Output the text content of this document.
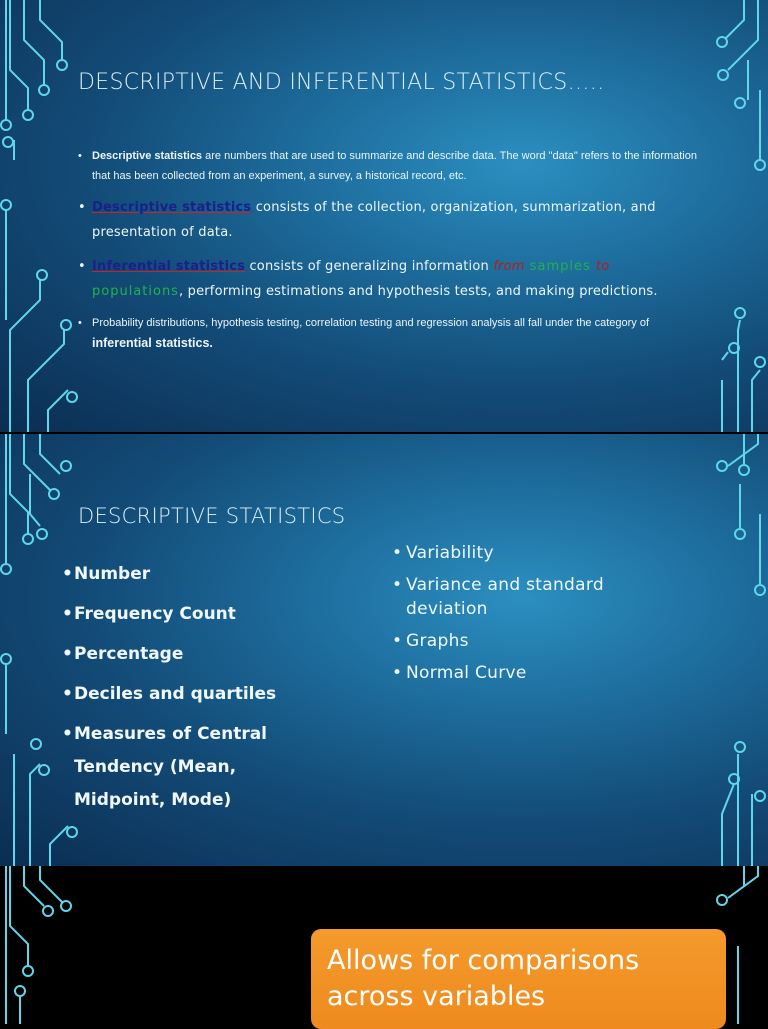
DESCRIPTIVE AND INFERENTIAL STATISTICS…..
• Descriptive statistics are numbers that are used to summarize and describe data. The word "data" refers to the information that has been collected from an experiment, a survey, a historical record, etc.
• Descriptive statistics consists of the collection, organization, summarization, and presentation of data.
• Inferential statistics consists of generalizing information from samples to
populations, performing estimations and hypothesis tests, and making predictions.
• Probability distributions, hypothesis testing, correlation testing and regression analysis all fall under the category of inferential statistics.
DESCRIPTIVE STATISTICS
• Number
• Frequency Count
• Percentage
• Deciles and quartiles
• Measures of Central Tendency (Mean, Midpoint, Mode)
• Variability
• Variance and standard deviation
• Graphs
• Normal Curve
Allows for comparisons across variables
